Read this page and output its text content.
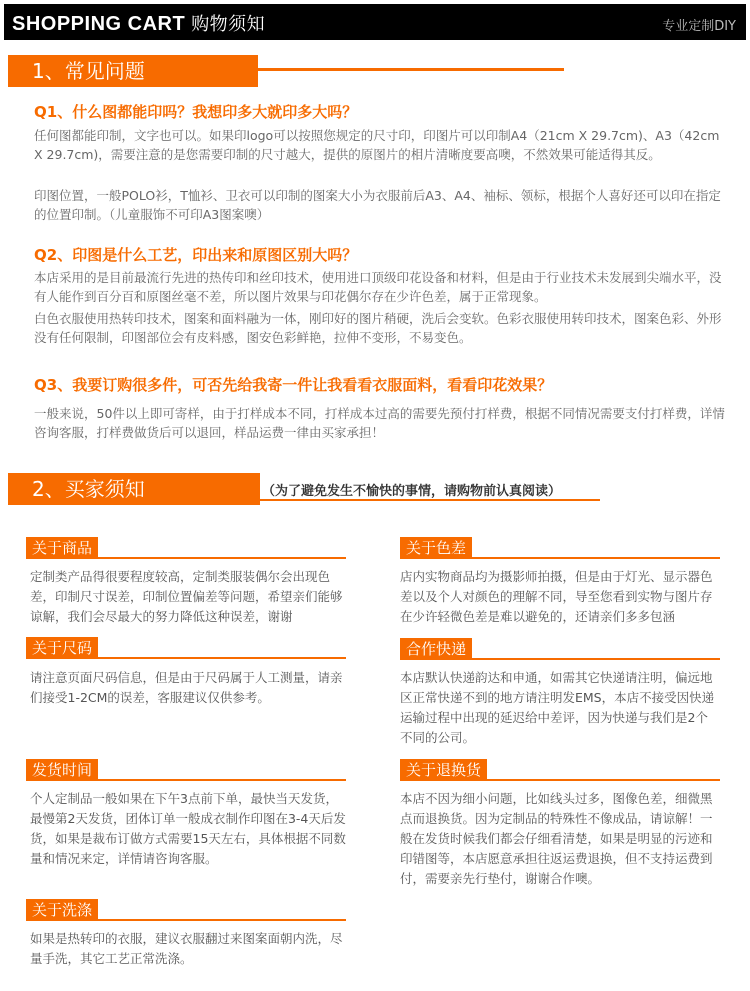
SHOPPING CART 购物须知	专业定制DIY
1、常见问题
Q1、什么图都能印吗？我想印多大就印多大吗？

任何图都能印制，文字也可以。如果印logo可以按照您规定的尺寸印，印图片可以印制A4（21cm X 29.7cm)、A3（42cm X 29.7cm)，需要注意的是您需要印制的尺寸越大，提供的原图片的相片清晰度要高噢，不然效果可能适得其反。

印图位置，一般POLO衫，T恤衫、卫衣可以印制的图案大小为衣服前后A3、A4、袖标、领标，根据个人喜好还可以印在指定的位置印制。（儿童服饰不可印A3图案噢）

Q2、印图是什么工艺，印出来和原图区别大吗？

本店采用的是目前最流行先进的热传印和丝印技术，使用进口顶级印花设备和材料，但是由于行业技术未发展到尖端水平，没有人能作到百分百和原图丝毫不差，所以图片效果与印花偶尔存在少许色差，属于正常现象。

白色衣服使用热转印技术，图案和面料融为一体，刚印好的图片稍硬，洗后会变软。色彩衣服使用转印技术，图案色彩、外形没有任何限制，印图部位会有皮料感，图安色彩鲜艳，拉伸不变形，不易变色。

Q3、我要订购很多件，可否先给我寄一件让我看看衣服面料，看看印花效果？

一般来说，50件以上即可寄样，由于打样成本不同，打样成本过高的需要先预付打样费，根据不同情况需要支付打样费，详情咨询客服，打样费做货后可以退回，样品运费一律由买家承担！

2、买家须知	（为了避免发生不愉快的事情，请购物前认真阅读）
关于商品

定制类产品得很要程度较高，定制类服装偶尔会出现色差，印制尺寸误差，印制位置偏差等问题，希望亲们能够谅解，我们会尽最大的努力降低这种误差，谢谢

关于尺码

请注意页面尺码信息，但是由于尺码属于人工测量，请亲们接受1-2CM的误差，客服建议仅供参考。

发货时间

个人定制品一般如果在下午3点前下单，最快当天发货，最慢第2天发货，团体订单一般成衣制作印图在3-4天后发货，如果是裁布订做方式需要15天左右，具体根据不同数量和情况来定，详情请咨询客服。

关于洗涤

如果是热转印的衣服，建议衣服翻过来图案面朝内洗，尽量手洗，其它工艺正常洗涤。

关于色差

店内实物商品均为摄影师拍摄，但是由于灯光、显示器色差以及个人对颜色的理解不同，导至您看到实物与图片存在少许轻微色差是难以避免的，还请亲们多多包涵

合作快递

本店默认快递韵达和申通，如需其它快递请注明，偏远地区正常快递不到的地方请注明发EMS，本店不接受因快递运输过程中出现的延迟给中差评，因为快递与我们是2个不同的公司。

关于退换货

本店不因为细小问题，比如线头过多，图像色差，细微黑点而退换货。因为定制品的特殊性不像成品，请谅解！一般在发货时候我们都会仔细看清楚，如果是明显的污迹和印错图等，本店愿意承担往返运费退换，但不支持运费到付，需要亲先行垫付，谢谢合作噢。
